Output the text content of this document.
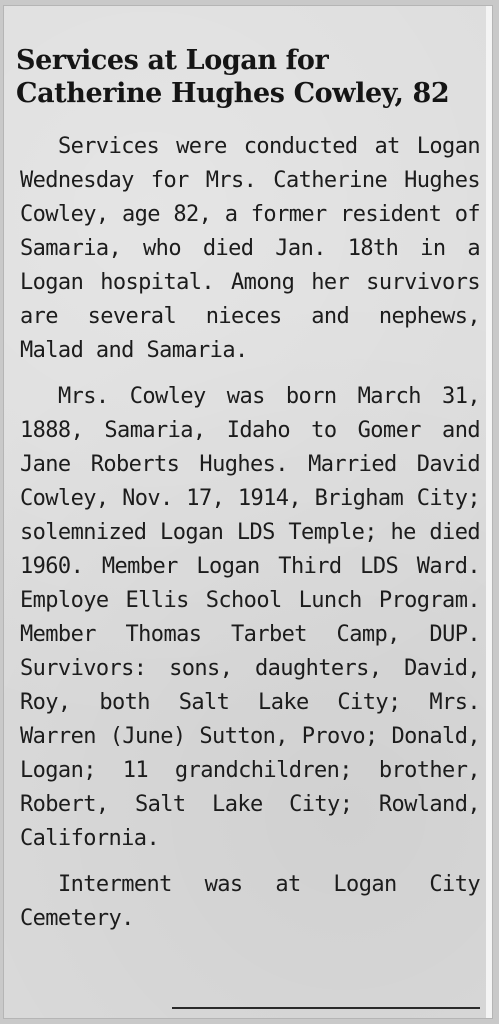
Services at Logan for
Catherine Hughes Cowley, 82

Services were conducted at Logan Wednesday for Mrs. Catherine Hughes Cowley, age 82, a former resident of Samaria, who died Jan. 18th in a Logan hospital. Among her survivors are several nieces and nephews, Malad and Samaria.

Mrs. Cowley was born March 31, 1888, Samaria, Idaho to Gomer and Jane Roberts Hughes. Married David Cowley, Nov. 17, 1914, Brigham City; solemnized Logan LDS Temple; he died 1960. Member Logan Third LDS Ward. Employe Ellis School Lunch Program. Member Thomas Tarbet Camp, DUP. Survivors: sons, daughters, David, Roy, both Salt Lake City; Mrs. Warren (June) Sutton, Provo; Donald, Logan; 11 grandchildren; brother, Robert, Salt Lake City; Rowland, California.

Interment was at Logan City Cemetery.
